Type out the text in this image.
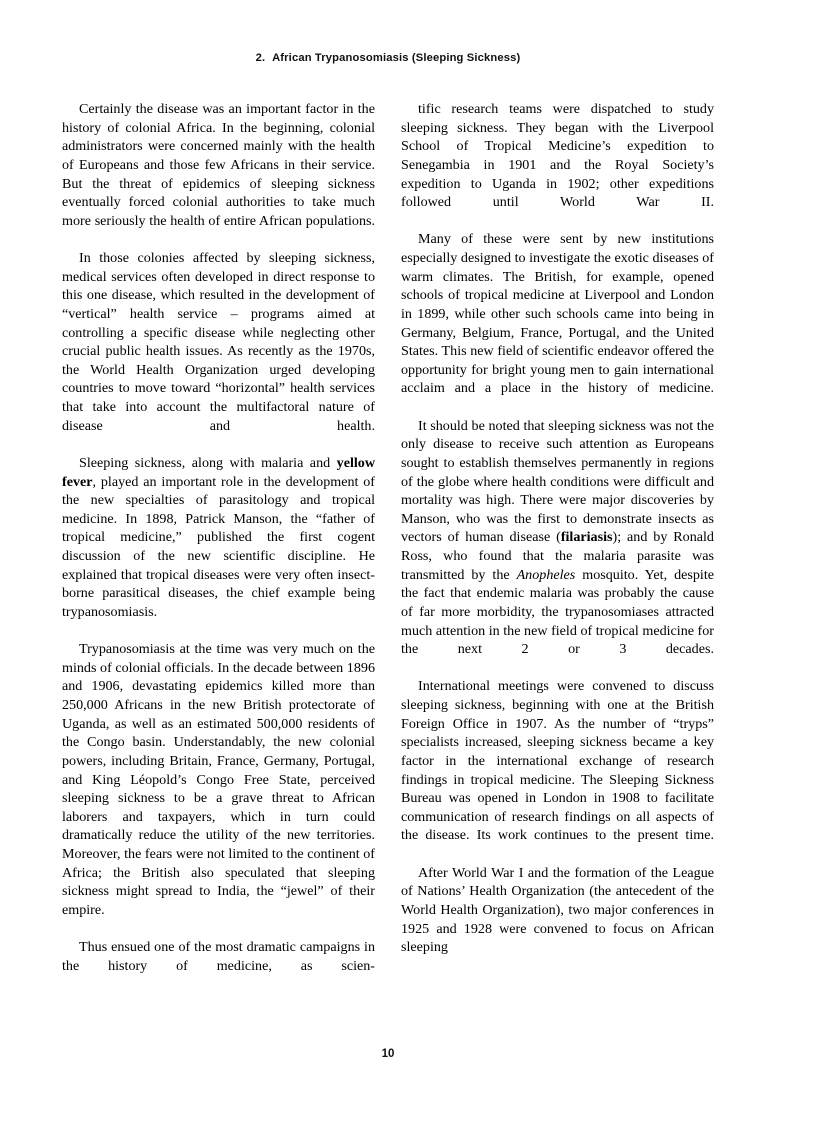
2. African Trypanosomiasis (Sleeping Sickness)

Certainly the disease was an important factor in the history of colonial Africa. In the beginning, colonial administrators were concerned mainly with the health of Europeans and those few Africans in their service. But the threat of epidemics of sleeping sickness eventually forced colonial authorities to take much more seriously the health of entire African populations.

In those colonies affected by sleeping sickness, medical services often developed in direct response to this one disease, which resulted in the development of “vertical” health service – programs aimed at controlling a specific disease while neglecting other crucial public health issues. As recently as the 1970s, the World Health Organization urged developing countries to move toward “horizontal” health services that take into account the multifactoral nature of disease and health.

Sleeping sickness, along with malaria and yellow fever, played an important role in the development of the new specialties of parasitology and tropical medicine. In 1898, Patrick Manson, the “father of tropical medicine,” published the first cogent discussion of the new scientific discipline. He explained that tropical diseases were very often insect-borne parasitical diseases, the chief example being trypanosomiasis.

Trypanosomiasis at the time was very much on the minds of colonial officials. In the decade between 1896 and 1906, devastating epidemics killed more than 250,000 Africans in the new British protectorate of Uganda, as well as an estimated 500,000 residents of the Congo basin. Understandably, the new colonial powers, including Britain, France, Germany, Portugal, and King Léopold’s Congo Free State, perceived sleeping sickness to be a grave threat to African laborers and taxpayers, which in turn could dramatically reduce the utility of the new territories. Moreover, the fears were not limited to the continent of Africa; the British also speculated that sleeping sickness might spread to India, the “jewel” of their empire.

Thus ensued one of the most dramatic campaigns in the history of medicine, as scien-

tific research teams were dispatched to study sleeping sickness. They began with the Liverpool School of Tropical Medicine’s expedition to Senegambia in 1901 and the Royal Society’s expedition to Uganda in 1902; other expeditions followed until World War II.

Many of these were sent by new institutions especially designed to investigate the exotic diseases of warm climates. The British, for example, opened schools of tropical medicine at Liverpool and London in 1899, while other such schools came into being in Germany, Belgium, France, Portugal, and the United States. This new field of scientific endeavor offered the opportunity for bright young men to gain international acclaim and a place in the history of medicine.

It should be noted that sleeping sickness was not the only disease to receive such attention as Europeans sought to establish themselves permanently in regions of the globe where health conditions were difficult and mortality was high. There were major discoveries by Manson, who was the first to demonstrate insects as vectors of human disease (filariasis); and by Ronald Ross, who found that the malaria parasite was transmitted by the Anopheles mosquito. Yet, despite the fact that endemic malaria was probably the cause of far more morbidity, the trypanosomiases attracted much attention in the new field of tropical medicine for the next 2 or 3 decades.

International meetings were convened to discuss sleeping sickness, beginning with one at the British Foreign Office in 1907. As the number of “tryps” specialists increased, sleeping sickness became a key factor in the international exchange of research findings in tropical medicine. The Sleeping Sickness Bureau was opened in London in 1908 to facilitate communication of research findings on all aspects of the disease. Its work continues to the present time.

After World War I and the formation of the League of Nations’ Health Organization (the antecedent of the World Health Organization), two major conferences in 1925 and 1928 were convened to focus on African sleeping

10
